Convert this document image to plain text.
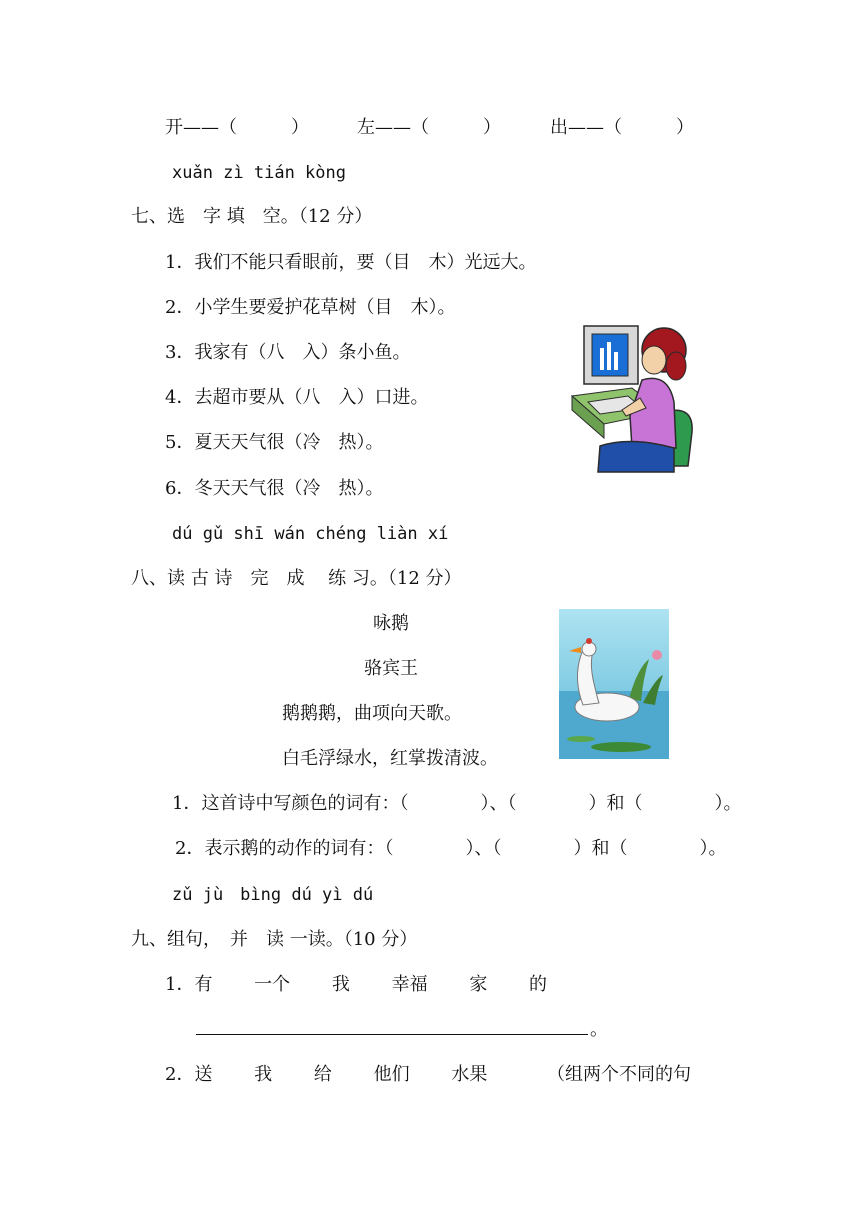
开——（	）	左——（	）	出——（	）
xuǎn zì tián kòng
七、选　字 填　空。（12 分）
1．我们不能只看眼前，要（目　木）光远大。
2．小学生要爱护花草树（目　木）。
3．我家有（八　入）条小鱼。
4．去超市要从（八　入）口进。
5．夏天天气很（冷　热）。
6．冬天天气很（冷　热）。
dú gǔ shī wán chéng liàn xí
八、读 古 诗　完　成　 练 习。（12 分）
咏鹅
骆宾王
鹅鹅鹅，曲项向天歌。
白毛浮绿水，红掌拨清波。
1．这首诗中写颜色的词有：（　　　　）、（　　　　）和（　　　　）。
2．表示鹅的动作的词有：（　　　　）、（　　　　）和（　　　　）。
zǔ jù　bìng dú yì dú
九、组句，　并　读 一读。（10 分）
1．有　　 一个　　 我　　 幸福　　 家　　 的
。
2．送　　 我　　 给　　 他们　　 水果　　　 （组两个不同的句
